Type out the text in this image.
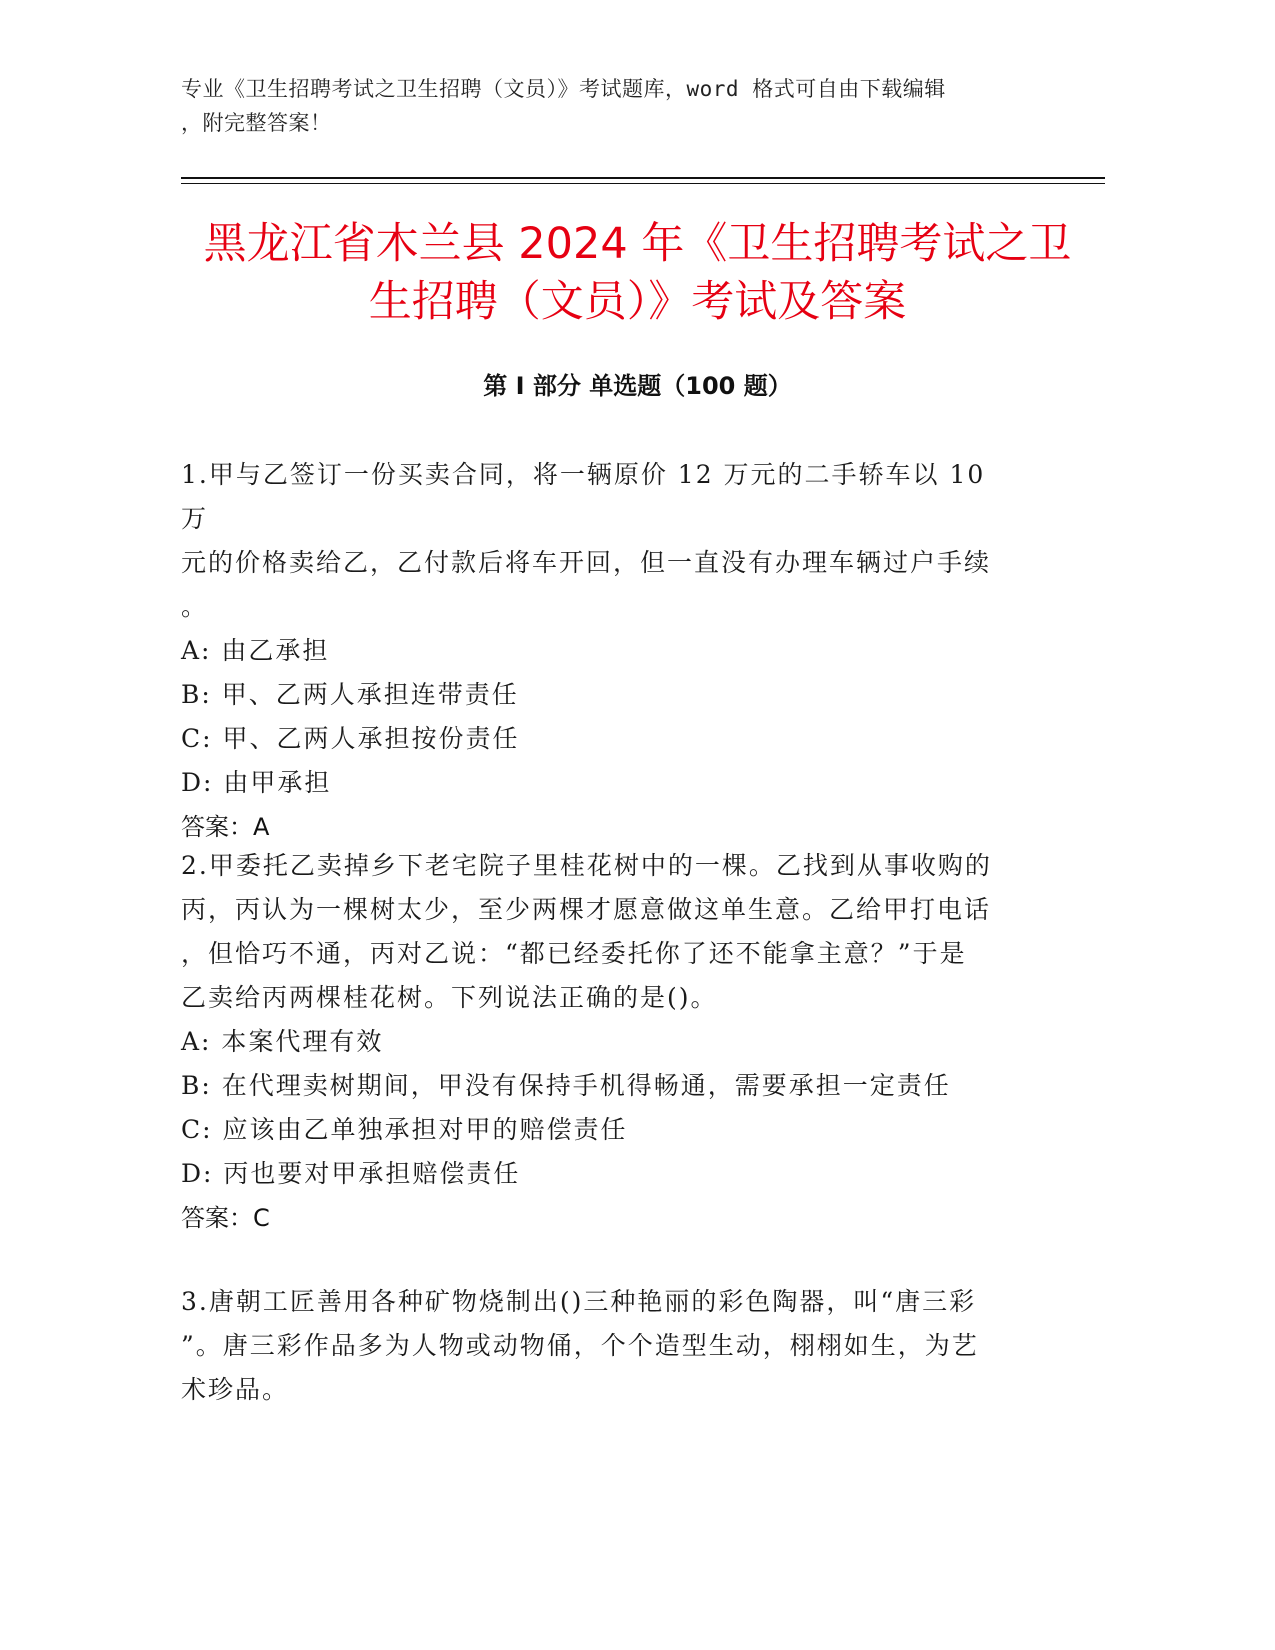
专业《卫生招聘考试之卫生招聘（文员）》考试题库，word 格式可自由下载编辑
，附完整答案！
黑龙江省木兰县 2024 年《卫生招聘考试之卫
生招聘（文员）》考试及答案
第 I 部分 单选题（100 题）
1.甲与乙签订一份买卖合同，将一辆原价 12 万元的二手轿车以 10 万
元的价格卖给乙，乙付款后将车开回，但一直没有办理车辆过户手续
。
A: 由乙承担
B: 甲、乙两人承担连带责任
C: 甲、乙两人承担按份责任
D: 由甲承担
答案：A
2.甲委托乙卖掉乡下老宅院子里桂花树中的一棵。乙找到从事收购的
丙，丙认为一棵树太少，至少两棵才愿意做这单生意。乙给甲打电话
，但恰巧不通，丙对乙说：“都已经委托你了还不能拿主意？”于是
乙卖给丙两棵桂花树。下列说法正确的是()。
A: 本案代理有效
B: 在代理卖树期间，甲没有保持手机得畅通，需要承担一定责任
C: 应该由乙单独承担对甲的赔偿责任
D: 丙也要对甲承担赔偿责任
答案：C
3.唐朝工匠善用各种矿物烧制出()三种艳丽的彩色陶器，叫“唐三彩
”。唐三彩作品多为人物或动物俑，个个造型生动，栩栩如生，为艺
术珍品。
